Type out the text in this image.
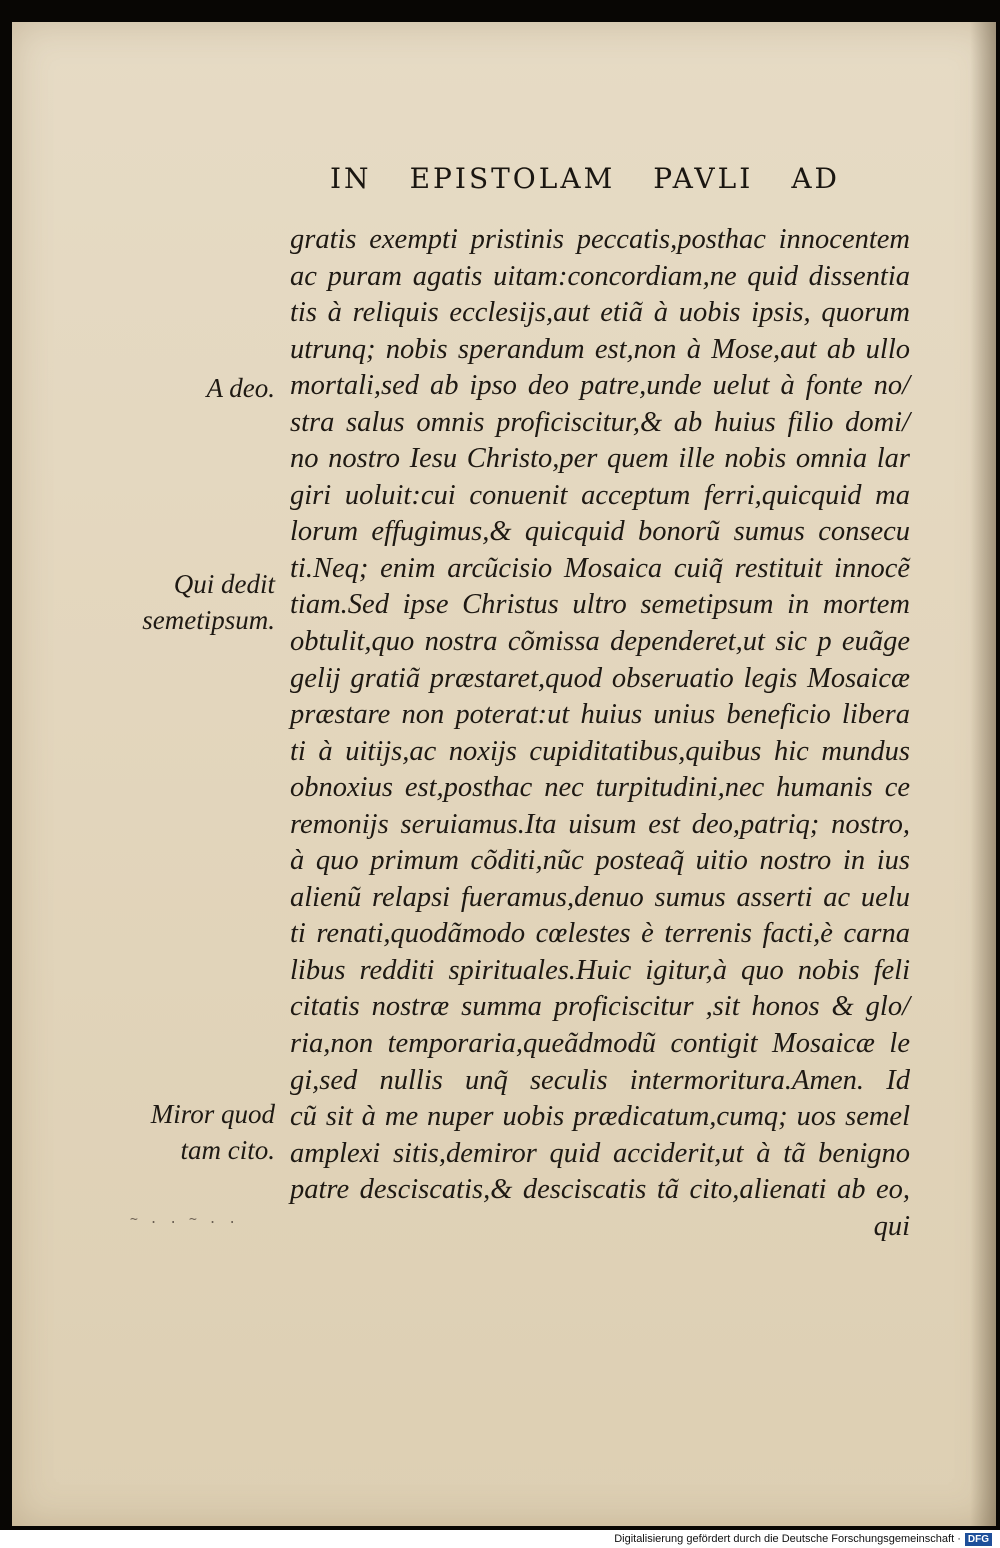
IN EPISTOLAM PAVLI AD
gratis exempti pristinis peccatis,posthac innocentem
ac puram agatis uitam:concordiam,ne quid dissentia
tis à reliquis ecclesijs,aut etiã à uobis ipsis, quorum
utrunq; nobis sperandum est,non à Mose,aut ab ullo
mortali,sed ab ipso deo patre,unde uelut à fonte no/
stra salus omnis proficiscitur,& ab huius filio domi/
no nostro Iesu Christo,per quem ille nobis omnia lar
giri uoluit:cui conuenit acceptum ferri,quicquid ma
lorum effugimus,& quicquid bonorũ sumus consecu
ti.Neq; enim arcũcisio Mosaica cuiq̃ restituit innocẽ
tiam.Sed ipse Christus ultro semetipsum in mortem
obtulit,quo nostra cõmissa dependeret,ut sic p euãge
gelij gratiã præstaret,quod obseruatio legis Mosaicæ
præstare non poterat:ut huius unius beneficio libera
ti à uitijs,ac noxijs cupiditatibus,quibus hic mundus
obnoxius est,posthac nec turpitudini,nec humanis ce
remonijs seruiamus.Ita uisum est deo,patriq; nostro,
à quo primum cõditi,nũc posteaq̃ uitio nostro in ius
alienũ relapsi fueramus,denuo sumus asserti ac uelu
ti renati,quodãmodo cœlestes è terrenis facti,è carna
libus redditi spirituales.Huic igitur,à quo nobis feli
citatis nostræ summa proficiscitur ,sit honos & glo/
ria,non temporaria,queãdmodũ contigit Mosaicæ le
gi,sed nullis unq̃ seculis intermoritura.Amen. Id
cũ sit à me nuper uobis prædicatum,cumq; uos semel
amplexi sitis,demiror quid acciderit,ut à tã benigno
patre desciscatis,& desciscatis tã cito,alienati ab eo,
qui
A deo.
Qui dedit
semetipsum.
Miror quod
tam cito.
~ . . ~ . .
Digitalisierung gefördert durch die Deutsche Forschungsgemeinschaft · DFG
